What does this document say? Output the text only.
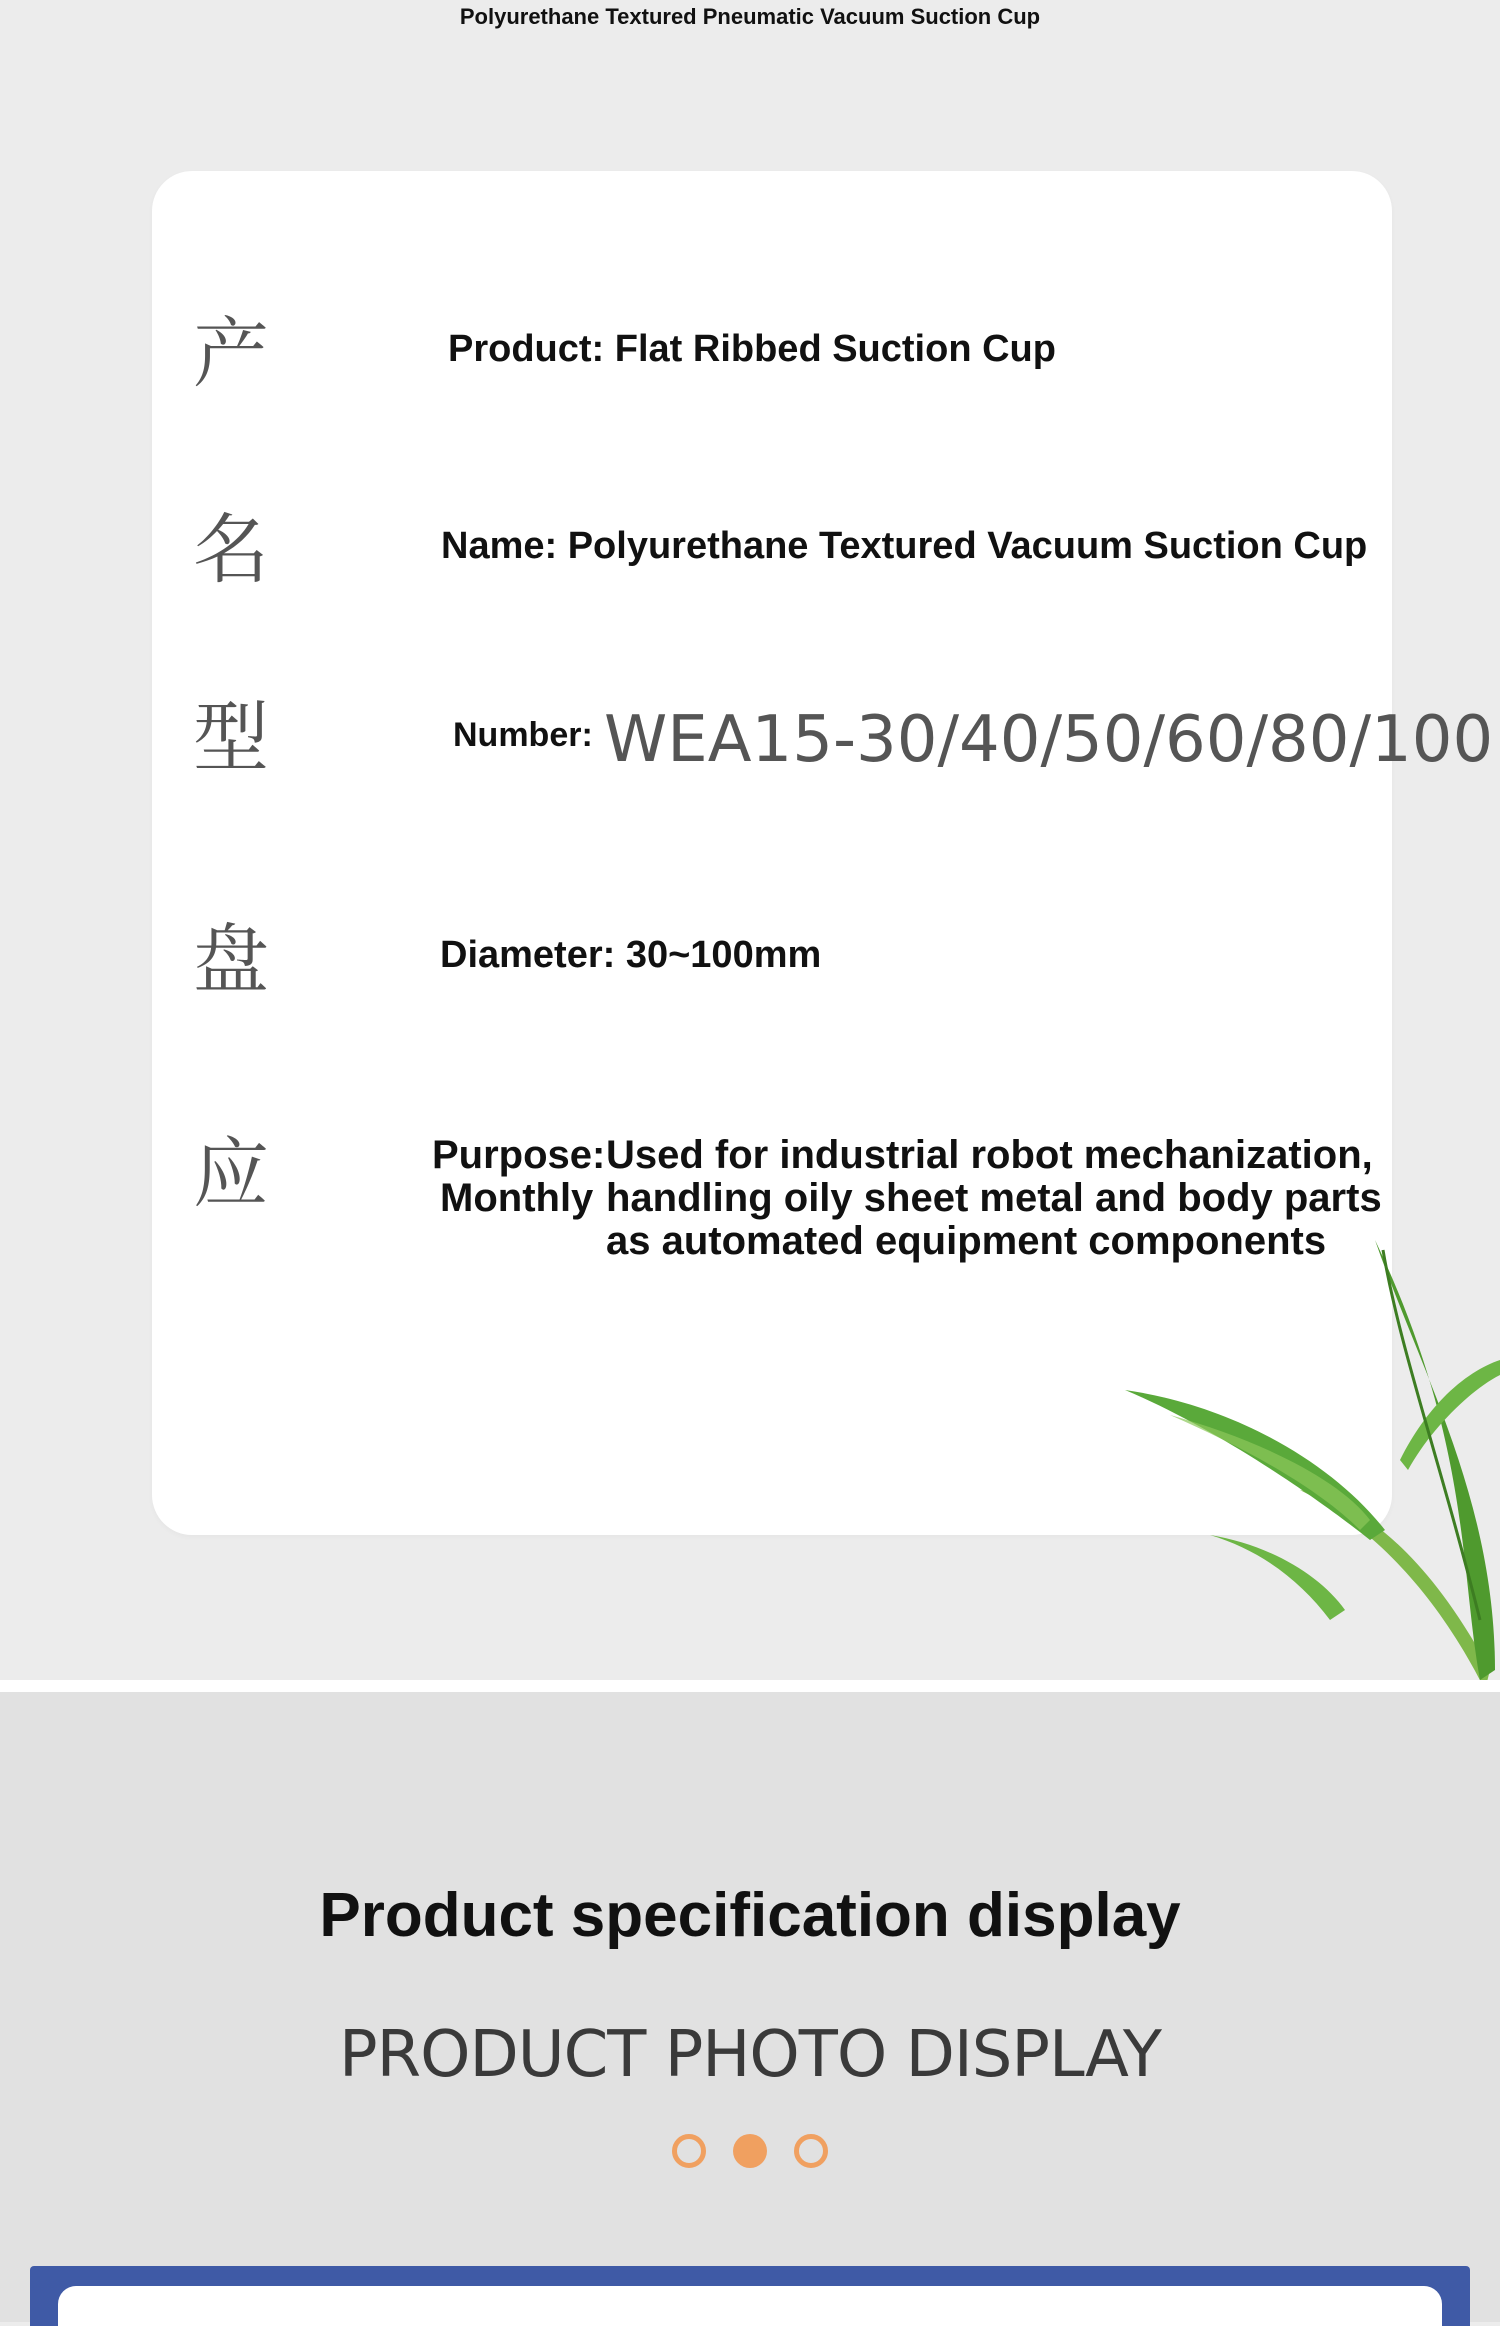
Polyurethane Textured Pneumatic Vacuum Suction Cup
产	Product: Flat Ribbed Suction Cup
名	Name: Polyurethane Textured Vacuum Suction Cup
型	Number: WEA15-30/40/50/60/80/100
盘	Diameter: 30~100mm
应	Purpose:
Monthly
Used for industrial robot mechanization,
handling oily sheet metal and body parts
as automated equipment components
Product specification display
PRODUCT PHOTO DISPLAY
